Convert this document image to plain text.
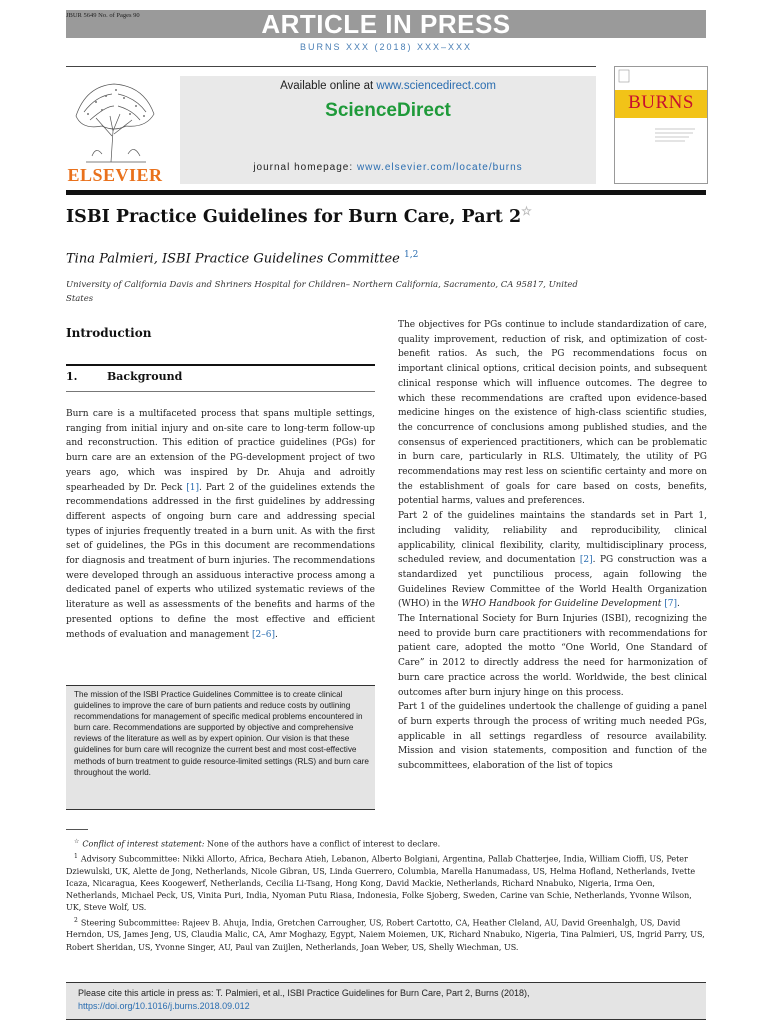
JBUR 5649 No. of Pages 90	ARTICLE IN PRESS
BURNS XXX (2018) XXX–XXX
ELSEVIER
Available online at www.sciencedirect.com
ScienceDirect
journal homepage: www.elsevier.com/locate/burns
BURNS
ISBI Practice Guidelines for Burn Care, Part 2☆
Tina Palmieri, ISBI Practice Guidelines Committee $^{1,2}$
University of California Davis and Shriners Hospital for Children– Northern California, Sacramento, CA 95817, United States
Introduction
1.	Background
Burn care is a multifaceted process that spans multiple settings, ranging from initial injury and on-site care to long-term follow-up and reconstruction. This edition of practice guidelines (PGs) for burn care are an extension of the PG-development project of two years ago, which was inspired by Dr. Ahuja and adroitly spearheaded by Dr. Peck [1]. Part 2 of the guidelines extends the recommendations addressed in the first guidelines by addressing different aspects of ongoing burn care and addressing special types of injuries frequently treated in a burn unit. As with the first set of guidelines, the PGs in this document are recommendations for diagnosis and treatment of burn injuries. The recommendations were developed through an assiduous interactive process among a dedicated panel of experts who utilized systematic reviews of the literature as well as assessments of the benefits and harms of the presented options to define the most effective and efficient methods of evaluation and management [2–6].
The mission of the ISBI Practice Guidelines Committee is to create clinical guidelines to improve the care of burn patients and reduce costs by outlining recommendations for management of specific medical problems encountered in burn care. Recommendations are supported by objective and comprehensive reviews of the literature as well as by expert opinion. Our vision is that these guidelines for burn care will recognize the current best and most cost-effective methods of burn treatment to guide resource-limited settings (RLS) and burn care throughout the world.
The objectives for PGs continue to include standardization of care, quality improvement, reduction of risk, and optimization of cost-benefit ratios. As such, the PG recommendations focus on important clinical options, critical decision points, and subsequent clinical response which will influence outcomes. The degree to which these recommendations are crafted upon evidence-based medicine hinges on the existence of high-class scientific studies, the concurrence of conclusions among published studies, and the consensus of experienced practitioners, which can be problematic in burn care, particularly in RLS. Ultimately, the utility of PG recommendations may rest less on scientific certainty and more on the establishment of goals for care based on costs, benefits, potential harms, values and preferences.
Part 2 of the guidelines maintains the standards set in Part 1, including validity, reliability and reproducibility, clinical applicability, clinical flexibility, clarity, multidisciplinary process, scheduled review, and documentation [2]. PG construction was a standardized yet punctilious process, again following the Guidelines Review Committee of the World Health Organization (WHO) in the WHO Handbook for Guideline Development [7].
The International Society for Burn Injuries (ISBI), recognizing the need to provide burn care practitioners with recommendations for patient care, adopted the motto “One World, One Standard of Care” in 2012 to directly address the need for harmonization of burn care practice across the world. Worldwide, the best clinical outcomes after burn injury hinge on this process.
Part 1 of the guidelines undertook the challenge of guiding a panel of burn experts through the process of writing much needed PGs, applicable in all settings regardless of resource availability. Mission and vision statements, composition and function of the subcommittees, elaboration of the list of topics

☆ Conflict of interest statement: None of the authors have a conflict of interest to declare.

$^1$ Advisory Subcommittee: Nikki Allorto, Africa, Bechara Atieh, Lebanon, Alberto Bolgiani, Argentina, Pallab Chatterjee, India, William Cioffi, US, Peter Dziewulski, UK, Alette de Jong, Netherlands, Nicole Gibran, US, Linda Guerrero, Columbia, Marella Hanumadass, US, Helma Hofland, Netherlands, Ivette Icaza, Nicaragua, Kees Koogewerf, Netherlands, Cecilia Li-Tsang, Hong Kong, David Mackie, Netherlands, Richard Nnabuko, Nigeria, Irma Oen, Netherlands, Michael Peck, US, Vinita Puri, India, Nyoman Putu Riasa, Indonesia, Folke Sjoberg, Sweden, Carine van Schie, Netherlands, Yvonne Wilson, UK, Steve Wolf, US.

$^2$ Steering Subcommittee: Rajeev B. Ahuja, India, Gretchen Carrougher, US, Robert Cartotto, CA, Heather Cleland, AU, David Greenhalgh, US, David Herndon, US, James Jeng, US, Claudia Malic, CA, Amr Moghazy, Egypt, Naiem Moiemen, UK, Richard Nnabuko, Nigeria, Tina Palmieri, US, Ingrid Parry, US, Robert Sheridan, US, Yvonne Singer, AU, Paul van Zuijlen, Netherlands, Joan Weber, US, Shelly Wiechman, US.

Please cite this article in press as: T. Palmieri, et al., ISBI Practice Guidelines for Burn Care, Part 2, Burns (2018), https://doi.org/10.1016/j.burns.2018.09.012
